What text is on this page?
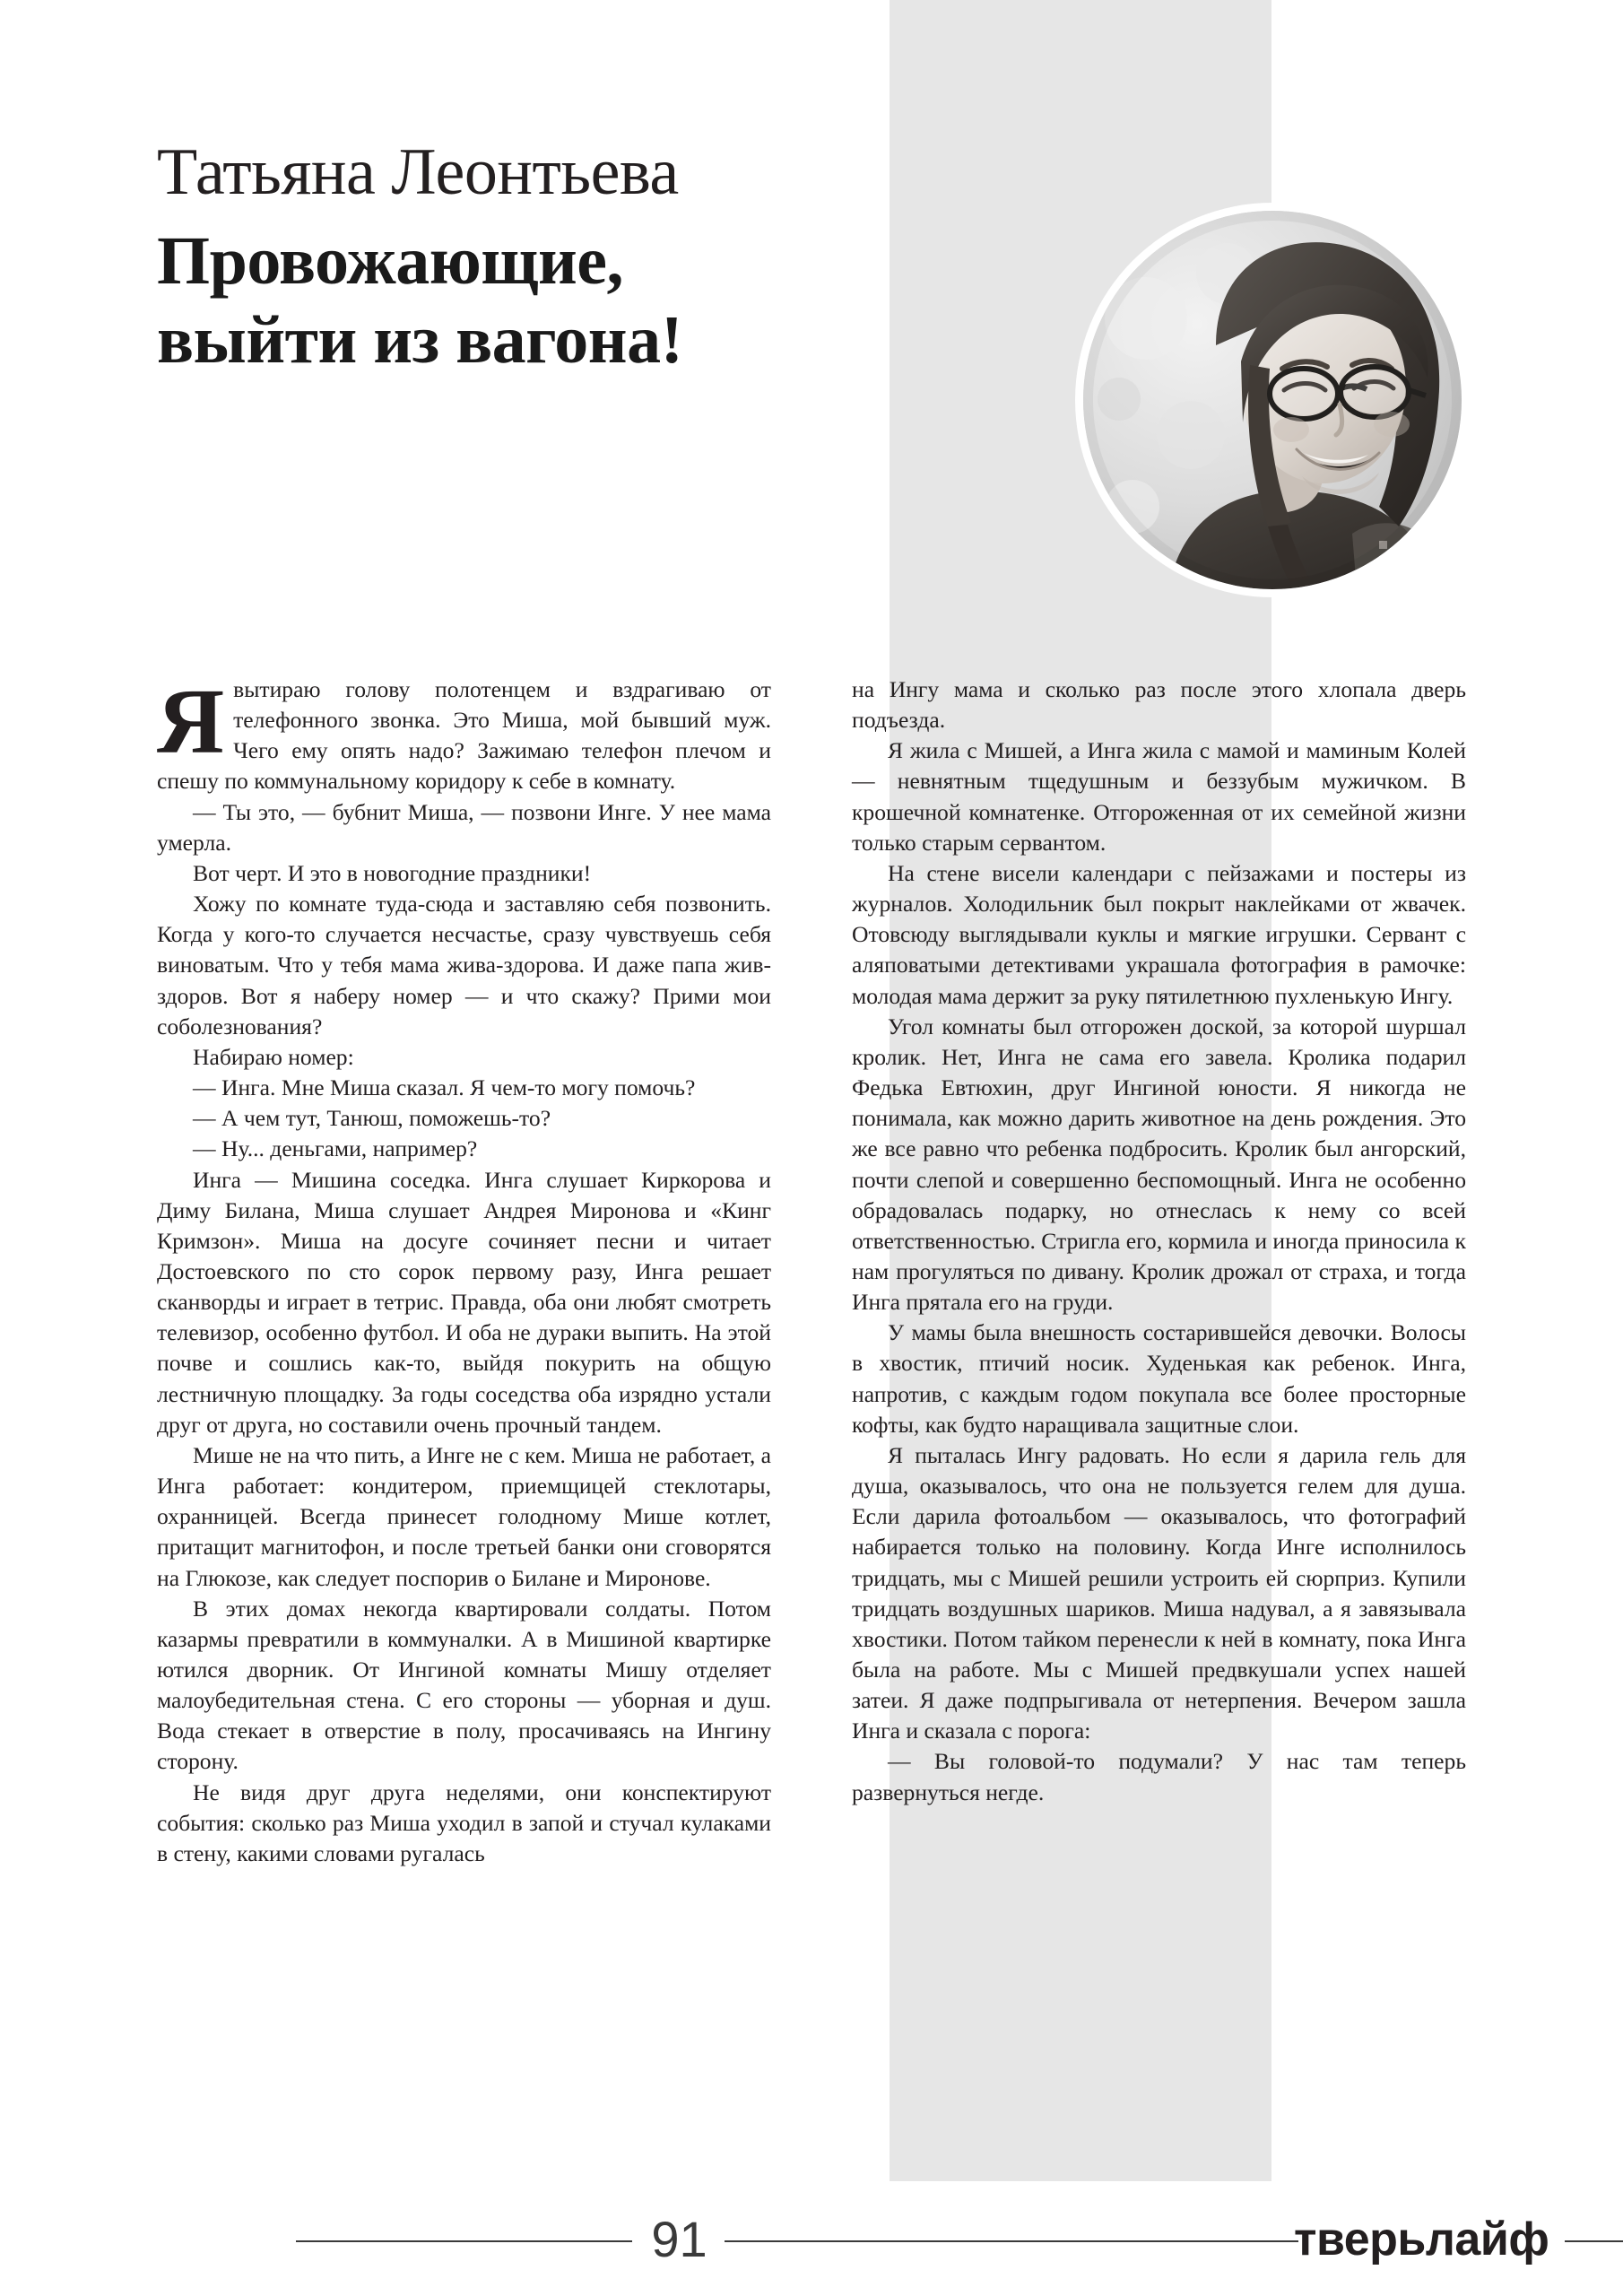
Татьяна Леонтьева
Провожающие,
выйти из вагона!

Явытираю голову полотенцем и вздрагиваю от телефонного звонка. Это Миша, мой бывший муж. Чего ему опять надо? Зажимаю телефон плечом и спешу по коммунальному коридору к себе в комнату.

— Ты это, — бубнит Миша, — позвони Инге. У нее мама умерла.

Вот черт. И это в новогодние праздники!

Хожу по комнате туда-сюда и заставляю себя позвонить. Когда у кого-то случается несчастье, сразу чувствуешь себя виноватым. Что у тебя мама жива-здорова. И даже папа жив-здоров. Вот я наберу номер — и что скажу? Прими мои соболезнования?

Набираю номер:

— Инга. Мне Миша сказал. Я чем-то могу помочь?

— А чем тут, Танюш, поможешь-то?

— Ну... деньгами, например?

Инга — Мишина соседка. Инга слушает Киркорова и Диму Билана, Миша слушает Андрея Миронова и «Кинг Кримзон». Миша на досуге сочиняет песни и читает Достоевского по сто сорок первому разу, Инга решает сканворды и играет в тетрис. Правда, оба они любят смотреть телевизор, особенно футбол. И оба не дураки выпить. На этой почве и сошлись как-то, выйдя покурить на общую лестничную площадку. За годы соседства оба изрядно устали друг от друга, но составили очень прочный тандем.

Мише не на что пить, а Инге не с кем. Миша не работает, а Инга работает: кондитером, приемщицей стеклотары, охранницей. Всегда принесет голодному Мише котлет, притащит магнитофон, и после третьей банки они сговорятся на Глюкозе, как следует поспорив о Билане и Миронове.

В этих домах некогда квартировали солдаты. Потом казармы превратили в коммуналки. А в Мишиной квартирке ютился дворник. От Ингиной комнаты Мишу отделяет малоубедительная стена. С его стороны — уборная и душ. Вода стекает в отверстие в полу, просачиваясь на Ингину сторону.

Не видя друг друга неделями, они конспектируют события: сколько раз Миша уходил в запой и стучал кулаками в стену, какими словами ругалась

на Ингу мама и сколько раз после этого хлопала дверь подъезда.

Я жила с Мишей, а Инга жила с мамой и маминым Колей — невнятным тщедушным и беззубым мужичком. В крошечной комнатенке. Отгороженная от их семейной жизни только старым сервантом.

На стене висели календари с пейзажами и постеры из журналов. Холодильник был покрыт наклейками от жвачек. Отовсюду выглядывали куклы и мягкие игрушки. Сервант с аляповатыми детективами украшала фотография в рамочке: молодая мама держит за руку пятилетнюю пухленькую Ингу.

Угол комнаты был отгорожен доской, за которой шуршал кролик. Нет, Инга не сама его завела. Кролика подарил Федька Евтюхин, друг Ингиной юности. Я никогда не понимала, как можно дарить животное на день рождения. Это же все равно что ребенка подбросить. Кролик был ангорский, почти слепой и совершенно беспомощный. Инга не особенно обрадовалась подарку, но отнеслась к нему со всей ответственностью. Стригла его, кормила и иногда приносила к нам прогуляться по дивану. Кролик дрожал от страха, и тогда Инга прятала его на груди.

У мамы была внешность состарившейся девочки. Волосы в хвостик, птичий носик. Худенькая как ребенок. Инга, напротив, с каждым годом покупала все более просторные кофты, как будто наращивала защитные слои.

Я пыталась Ингу радовать. Но если я дарила гель для душа, оказывалось, что она не пользуется гелем для душа. Если дарила фотоальбом — оказывалось, что фотографий набирается только на половину. Когда Инге исполнилось тридцать, мы с Мишей решили устроить ей сюрприз. Купили тридцать воздушных шариков. Миша надувал, а я завязывала хвостики. Потом тайком перенесли к ней в комнату, пока Инга была на работе. Мы с Мишей предвкушали успех нашей затеи. Я даже подпрыгивала от нетерпения. Вечером зашла Инга и сказала с порога:

— Вы головой-то подумали? У нас там теперь развернуться негде.

91	тверьлайф
